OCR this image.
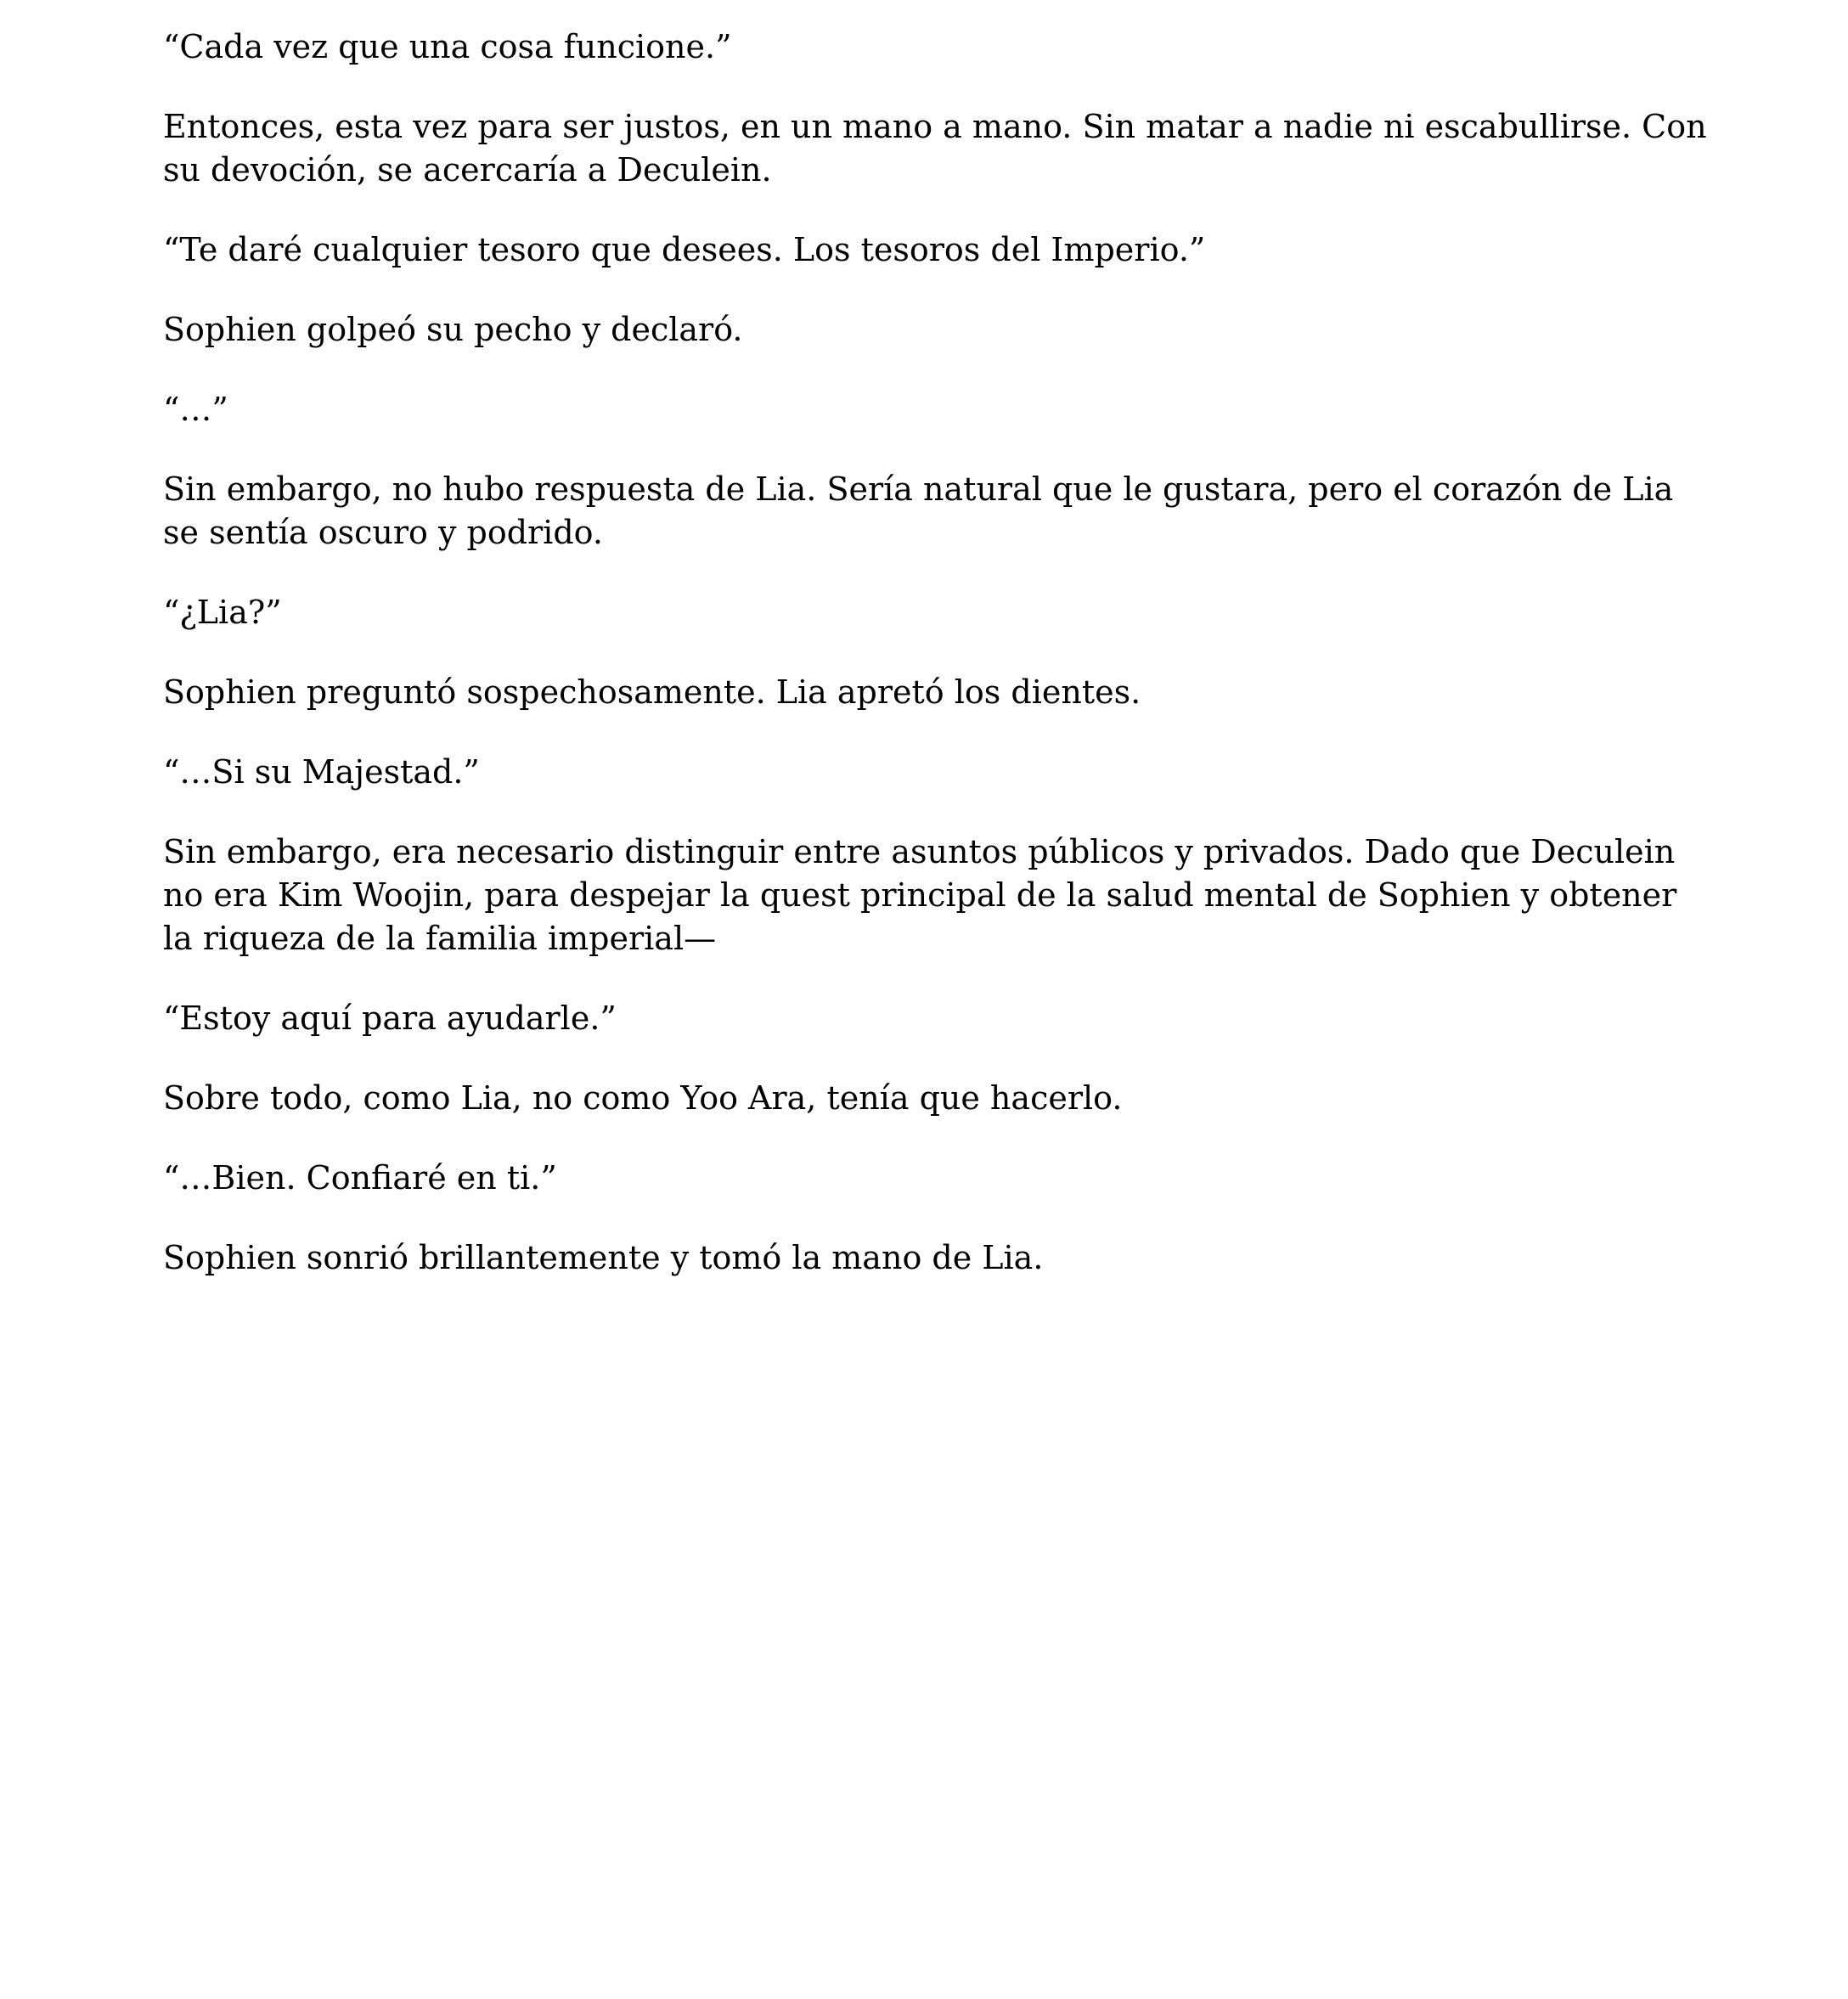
“Cada vez que una cosa funcione.”

Entonces, esta vez para ser justos, en un mano a mano. Sin matar a nadie ni escabullirse. Con su devoción, se acercaría a Deculein.

“Te daré cualquier tesoro que desees. Los tesoros del Imperio.”

Sophien golpeó su pecho y declaró.

“…”

Sin embargo, no hubo respuesta de Lia. Sería natural que le gustara, pero el corazón de Lia se sentía oscuro y podrido.

“¿Lia?”

Sophien preguntó sospechosamente. Lia apretó los dientes.

“…Si su Majestad.”

Sin embargo, era necesario distinguir entre asuntos públicos y privados. Dado que Deculein no era Kim Woojin, para despejar la quest principal de la salud mental de Sophien y obtener la riqueza de la familia imperial—

“Estoy aquí para ayudarle.”

Sobre todo, como Lia, no como Yoo Ara, tenía que hacerlo.

“…Bien. Confiaré en ti.”

Sophien sonrió brillantemente y tomó la mano de Lia.
